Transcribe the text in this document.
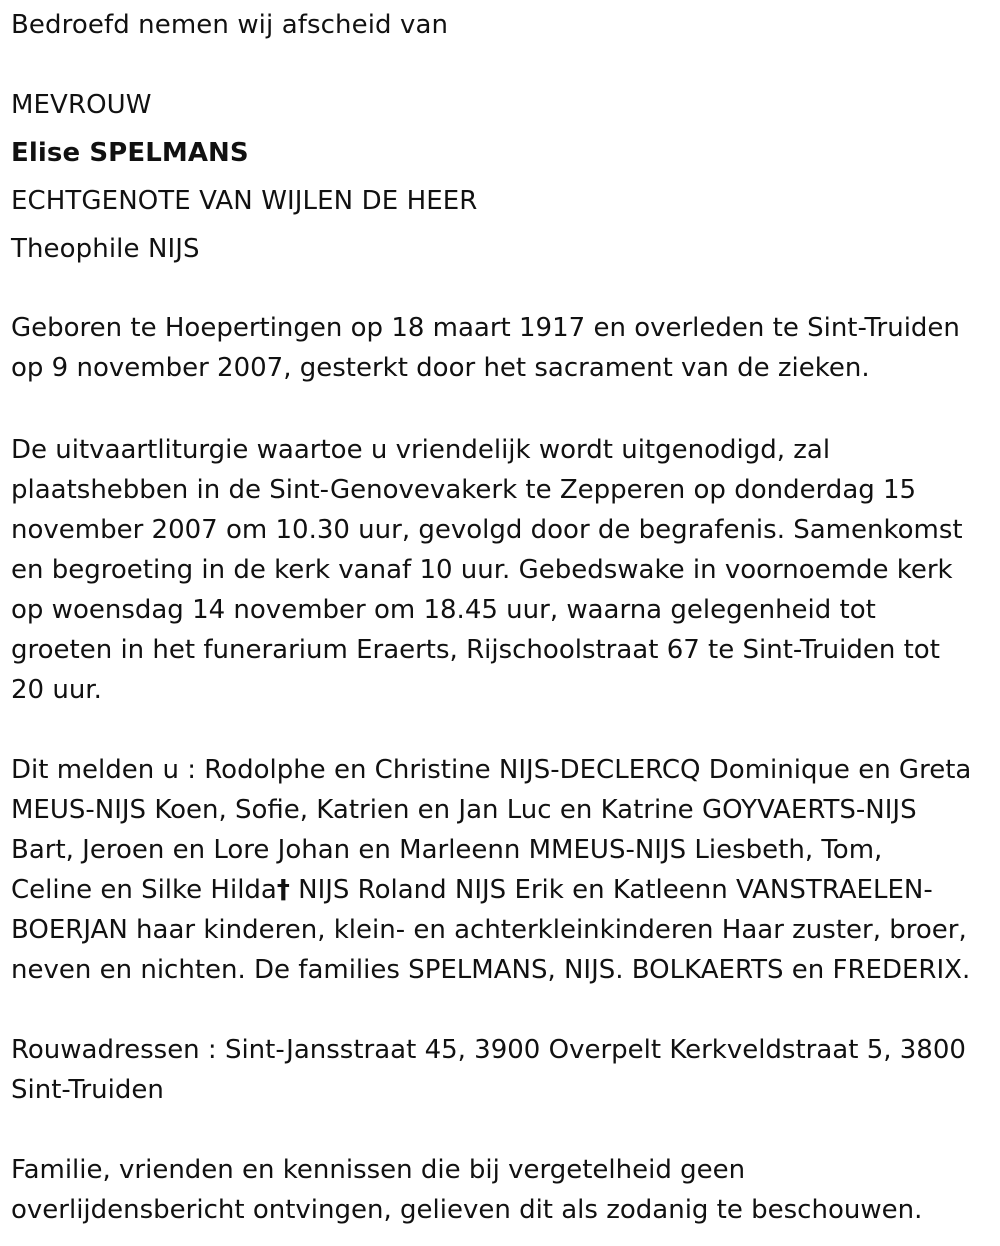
Bedroefd nemen wij afscheid van
MEVROUW
Elise SPELMANS
ECHTGENOTE VAN WIJLEN DE HEER
Theophile NIJS
Geboren te Hoepertingen op 18 maart 1917 en overleden te Sint-Truiden
op 9 november 2007, gesterkt door het sacrament van de zieken.
De uitvaartliturgie waartoe u vriendelijk wordt uitgenodigd, zal
plaatshebben in de Sint-Genovevakerk te Zepperen op donderdag 15
november 2007 om 10.30 uur, gevolgd door de begrafenis. Samenkomst
en begroeting in de kerk vanaf 10 uur. Gebedswake in voornoemde kerk
op woensdag 14 november om 18.45 uur, waarna gelegenheid tot
groeten in het funerarium Eraerts, Rijschoolstraat 67 te Sint-Truiden tot
20 uur.
Dit melden u : Rodolphe en Christine NIJS-DECLERCQ Dominique en Greta
MEUS-NIJS Koen, Sofie, Katrien en Jan Luc en Katrine GOYVAERTS-NIJS
Bart, Jeroen en Lore Johan en Marleenn MMEUS-NIJS Liesbeth, Tom,
Celine en Silke Hilda† NIJS Roland NIJS Erik en Katleenn VANSTRAELEN-
BOERJAN haar kinderen, klein- en achterkleinkinderen Haar zuster, broer,
neven en nichten. De families SPELMANS, NIJS. BOLKAERTS en FREDERIX.
Rouwadressen : Sint-Jansstraat 45, 3900 Overpelt Kerkveldstraat 5, 3800
Sint-Truiden
Familie, vrienden en kennissen die bij vergetelheid geen
overlijdensbericht ontvingen, gelieven dit als zodanig te beschouwen.
